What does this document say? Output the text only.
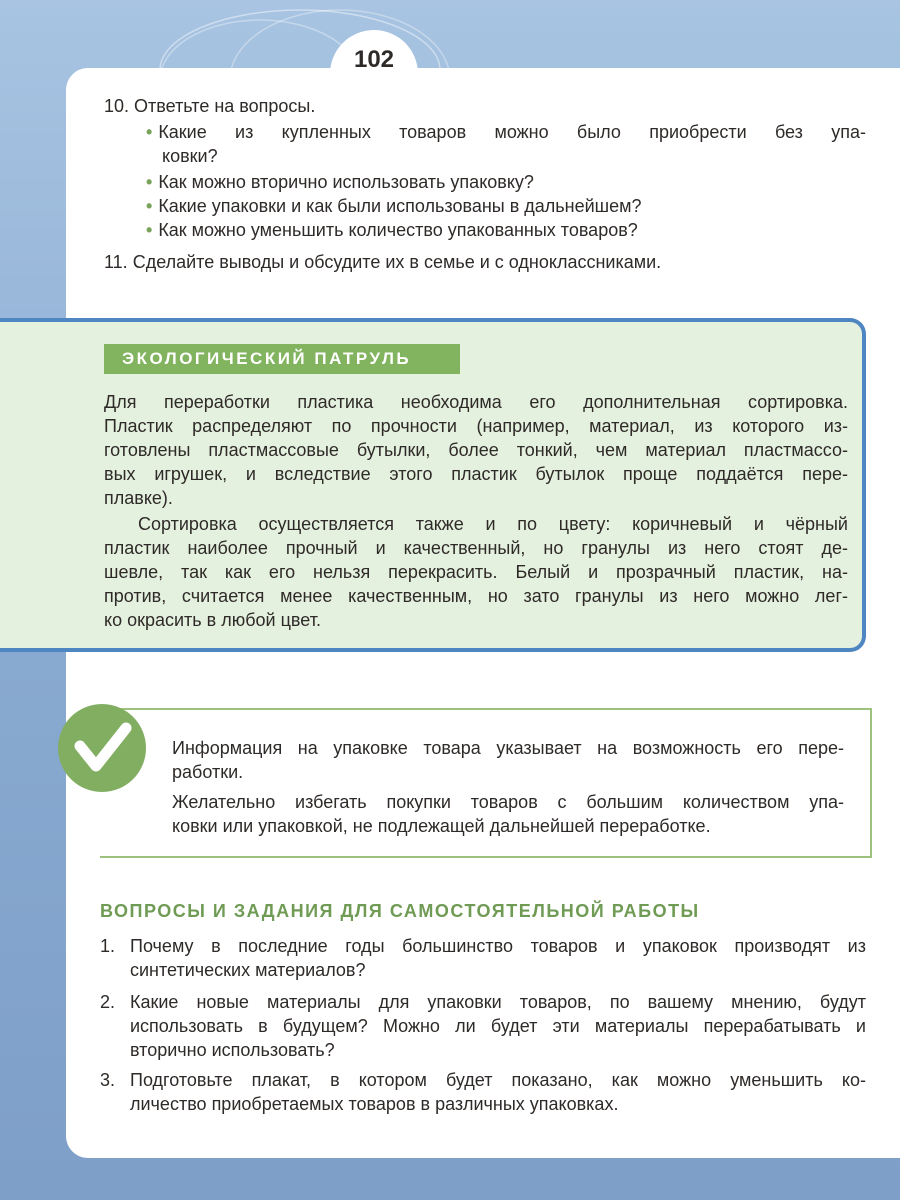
102
10. Ответьте на вопросы.
• Какие из купленных товаров можно было приобрести без упа-
ковки?
• Как можно вторично использовать упаковку?
• Какие упаковки и как были использованы в дальнейшем?
• Как можно уменьшить количество упакованных товаров?
11. Сделайте выводы и обсудите их в семье и с одноклассниками.
ЭКОЛОГИЧЕСКИЙ ПАТРУЛЬ
Для переработки пластика необходима его дополнительная сортировка.
Пластик распределяют по прочности (например, материал, из которого из-
готовлены пластмассовые бутылки, более тонкий, чем материал пластмассо-
вых игрушек, и вследствие этого пластик бутылок проще поддаётся пере-
плавке).
Сортировка осуществляется также и по цвету: коричневый и чёрный
пластик наиболее прочный и качественный, но гранулы из него стоят де-
шевле, так как его нельзя перекрасить. Белый и прозрачный пластик, на-
против, считается менее качественным, но зато гранулы из него можно лег-
ко окрасить в любой цвет.
Информация на упаковке товара указывает на возможность его пере-
работки.
Желательно избегать покупки товаров с большим количеством упа-
ковки или упаковкой, не подлежащей дальнейшей переработке.
ВОПРОСЫ И ЗАДАНИЯ ДЛЯ САМОСТОЯТЕЛЬНОЙ РАБОТЫ
1. Почему в последние годы большинство товаров и упаковок производят из
синтетических материалов?
2. Какие новые материалы для упаковки товаров, по вашему мнению, будут
использовать в будущем? Можно ли будет эти материалы перерабатывать и
вторично использовать?
3. Подготовьте плакат, в котором будет показано, как можно уменьшить ко-
личество приобретаемых товаров в различных упаковках.
